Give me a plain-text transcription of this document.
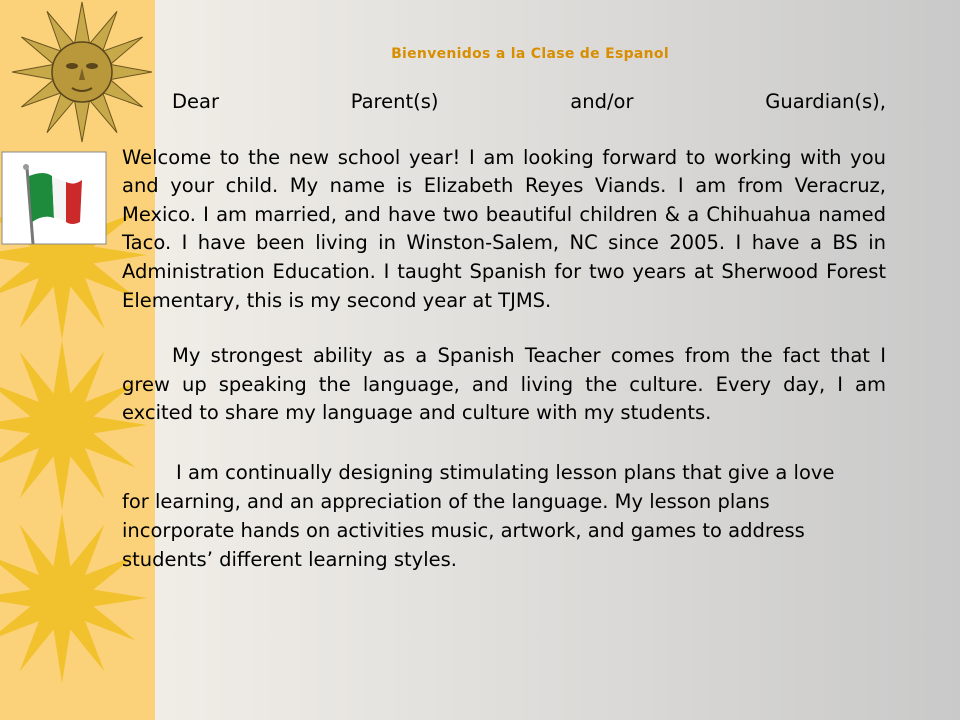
Bienvenidos a la Clase de Espanol
Dear	Parent(s)	and/or	Guardian(s),

Welcome to the new school year! I am looking forward to working with you and your child. My name is Elizabeth Reyes Viands. I am from Veracruz, Mexico. I am married, and have two beautiful children & a Chihuahua named Taco. I have been living in Winston-Salem, NC since 2005. I have a BS in Administration Education. I taught Spanish for two years at Sherwood Forest Elementary, this is my second year at TJMS.

My strongest ability as a Spanish Teacher comes from the fact that I grew up speaking the language, and living the culture. Every day, I am excited to share my language and culture with my students.

I am continually designing stimulating lesson plans that give a love for learning, and an appreciation of the language. My lesson plans incorporate hands on activities music, artwork, and games to address students’ different learning styles.
